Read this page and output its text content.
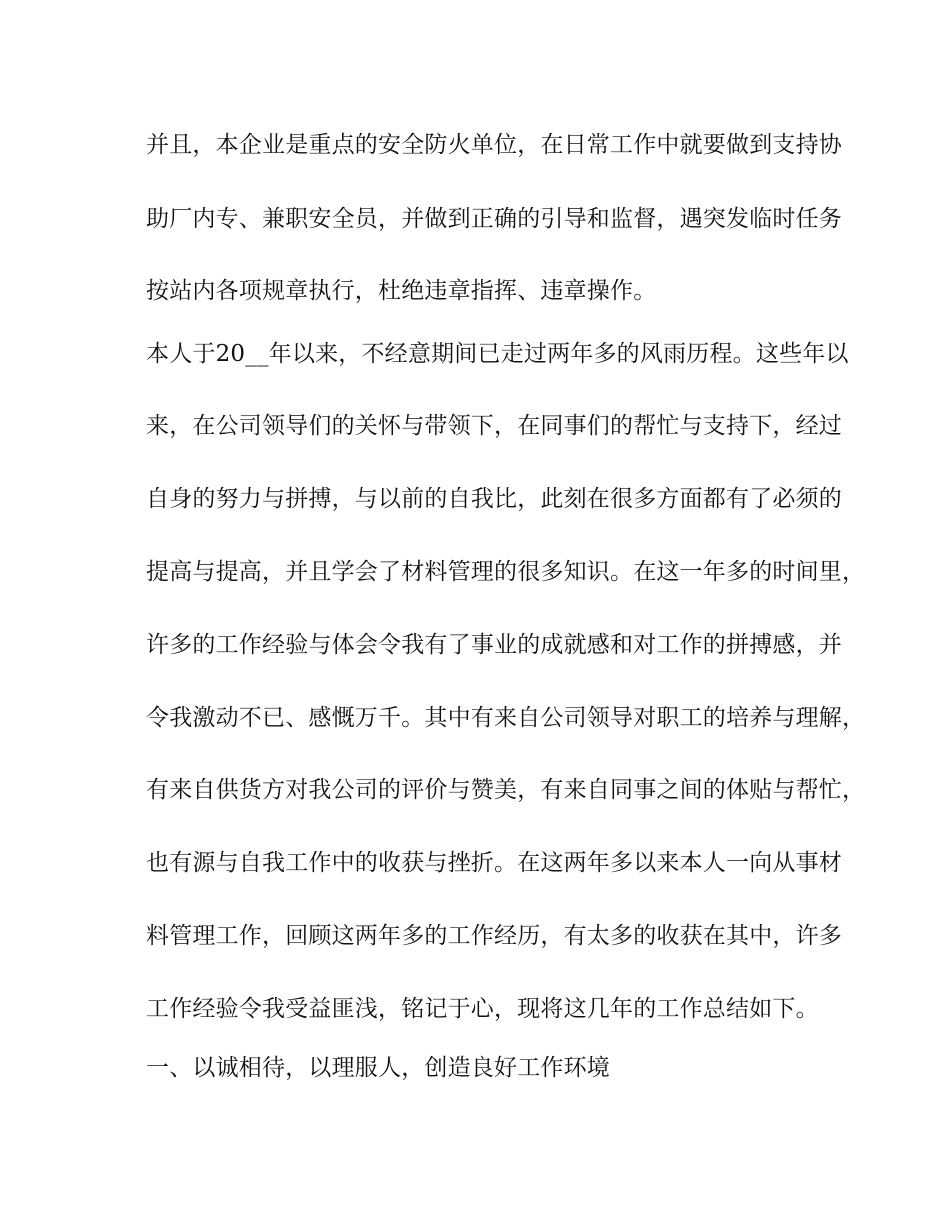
并且，本企业是重点的安全防火单位，在日常工作中就要做到支持协

助厂内专、兼职安全员，并做到正确的引导和监督，遇突发临时任务

按站内各项规章执行，杜绝违章指挥、违章操作。

本人于20__年以来，不经意期间已走过两年多的风雨历程。这些年以

来，在公司领导们的关怀与带领下，在同事们的帮忙与支持下，经过

自身的努力与拼搏，与以前的自我比，此刻在很多方面都有了必须的

提高与提高，并且学会了材料管理的很多知识。在这一年多的时间里，

许多的工作经验与体会令我有了事业的成就感和对工作的拼搏感，并

令我激动不已、感慨万千。其中有来自公司领导对职工的培养与理解，

有来自供货方对我公司的评价与赞美，有来自同事之间的体贴与帮忙，

也有源与自我工作中的收获与挫折。在这两年多以来本人一向从事材

料管理工作，回顾这两年多的工作经历，有太多的收获在其中，许多

工作经验令我受益匪浅，铭记于心，现将这几年的工作总结如下。

一、以诚相待，以理服人，创造良好工作环境
